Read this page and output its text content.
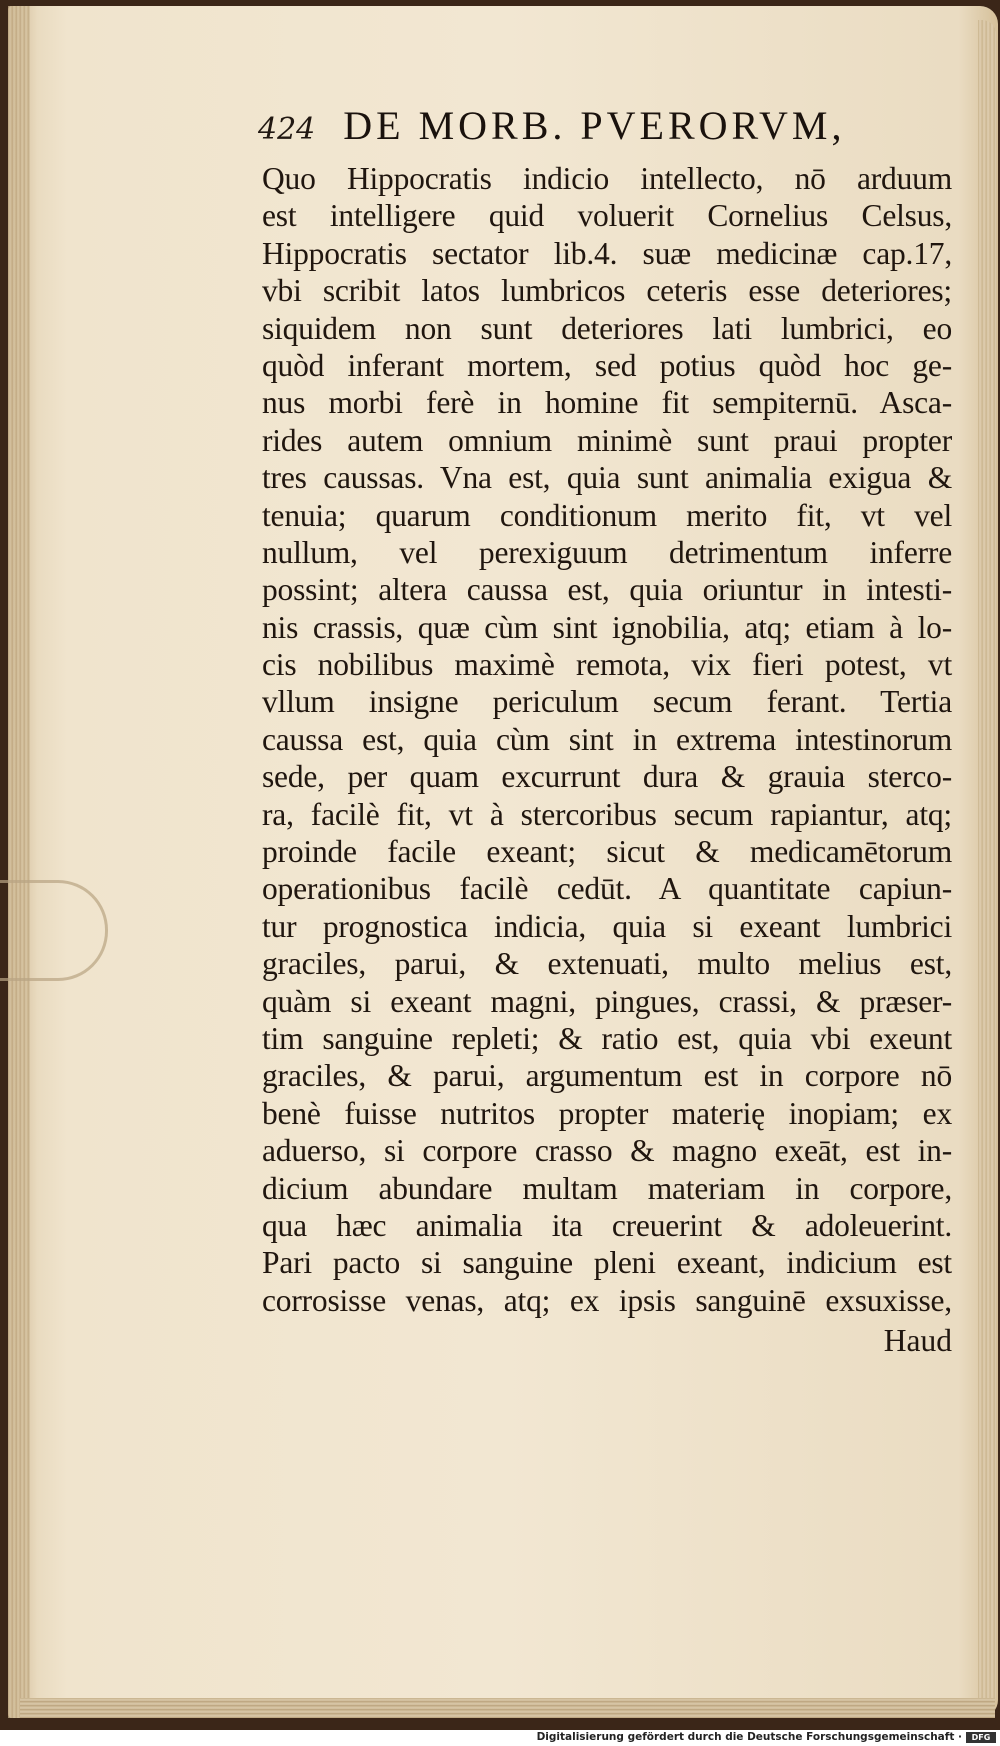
424 DE MORB. PVERORVM,
Quo Hippocratis indicio intellecto, nō arduum
est intelligere quid voluerit Cornelius Celsus,
Hippocratis sectator lib.4. suæ medicinæ cap.17,
vbi scribit latos lumbricos ceteris esse deteriores;
siquidem non sunt deteriores lati lumbrici, eo
quòd inferant mortem, sed potius quòd hoc ge-
nus morbi ferè in homine fit sempiternū. Asca-
rides autem omnium minimè sunt praui propter
tres caussas. Vna est, quia sunt animalia exigua &
tenuia; quarum conditionum merito fit, vt vel
nullum, vel perexiguum detrimentum inferre
possint; altera caussa est, quia oriuntur in intesti-
nis crassis, quæ cùm sint ignobilia, atq; etiam à lo-
cis nobilibus maximè remota, vix fieri potest, vt
vllum insigne periculum secum ferant. Tertia
caussa est, quia cùm sint in extrema intestinorum
sede, per quam excurrunt dura & grauia sterco-
ra, facilè fit, vt à stercoribus secum rapiantur, atq;
proinde facile exeant; sicut & medicamētorum
operationibus facilè cedūt. A quantitate capiun-
tur prognostica indicia, quia si exeant lumbrici
graciles, parui, & extenuati, multo melius est,
quàm si exeant magni, pingues, crassi, & præser-
tim sanguine repleti; & ratio est, quia vbi exeunt
graciles, & parui, argumentum est in corpore nō
benè fuisse nutritos propter materię inopiam; ex
aduerso, si corpore crasso & magno exeāt, est in-
dicium abundare multam materiam in corpore,
qua hæc animalia ita creuerint & adoleuerint.
Pari pacto si sanguine pleni exeant, indicium est
corrosisse venas, atq; ex ipsis sanguinē exsuxisse,
Haud
Digitalisierung gefördert durch die Deutsche Forschungsgemeinschaft ·	DFG
